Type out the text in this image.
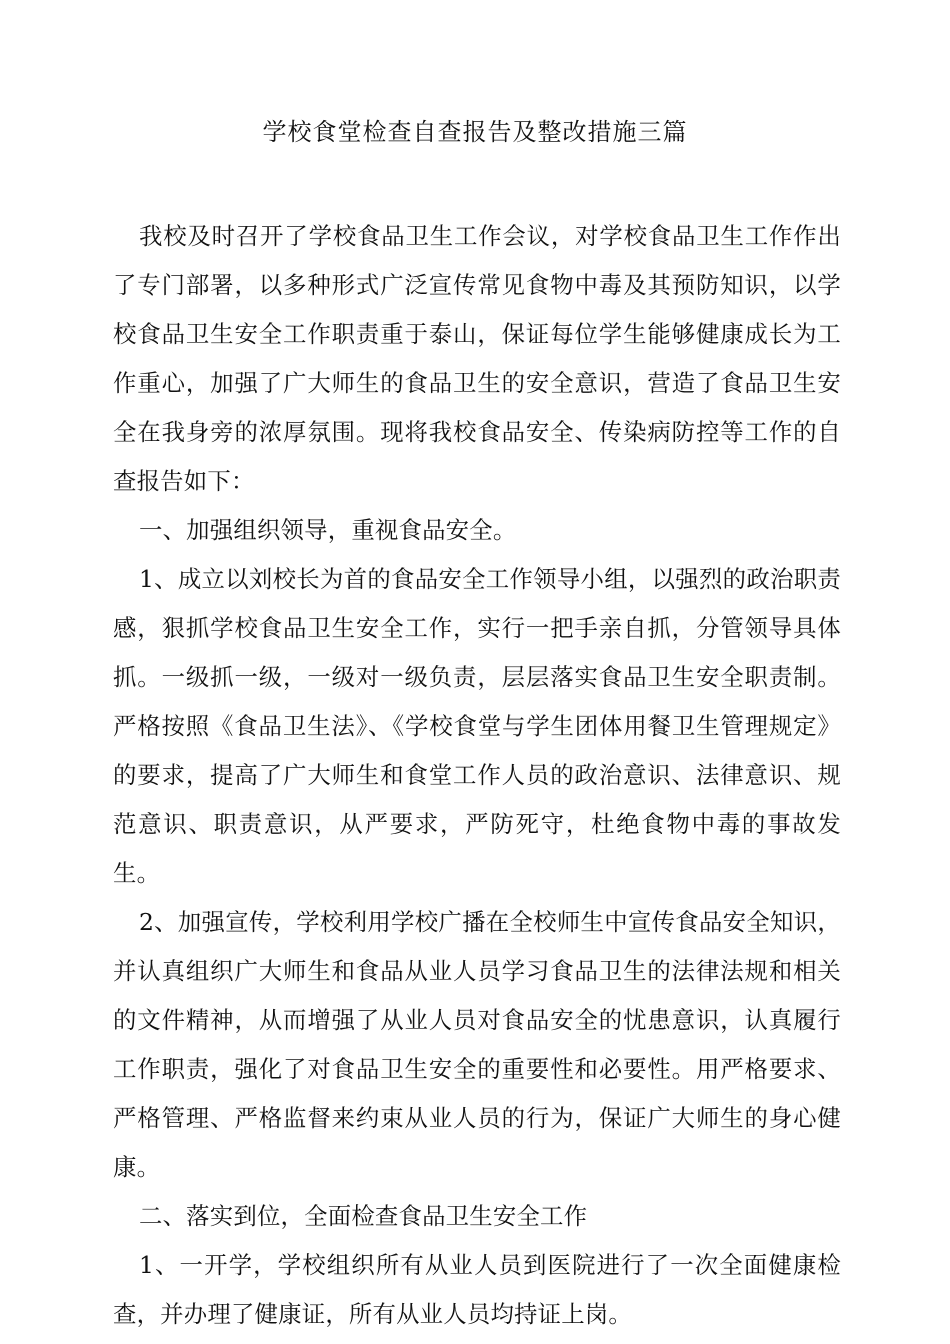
学校食堂检查自查报告及整改措施三篇

我校及时召开了学校食品卫生工作会议，对学校食品卫生工作作出了专门部署，以多种形式广泛宣传常见食物中毒及其预防知识，以学校食品卫生安全工作职责重于泰山，保证每位学生能够健康成长为工作重心，加强了广大师生的食品卫生的安全意识，营造了食品卫生安全在我身旁的浓厚氛围。现将我校食品安全、传染病防控等工作的自查报告如下：

一、加强组织领导，重视食品安全。

1、成立以刘校长为首的食品安全工作领导小组，以强烈的政治职责感，狠抓学校食品卫生安全工作，实行一把手亲自抓，分管领导具体抓。一级抓一级，一级对一级负责，层层落实食品卫生安全职责制。严格按照《食品卫生法》、《学校食堂与学生团体用餐卫生管理规定》的要求，提高了广大师生和食堂工作人员的政治意识、法律意识、规范意识、职责意识，从严要求，严防死守，杜绝食物中毒的事故发生。

2、加强宣传，学校利用学校广播在全校师生中宣传食品安全知识，并认真组织广大师生和食品从业人员学习食品卫生的法律法规和相关的文件精神，从而增强了从业人员对食品安全的忧患意识，认真履行工作职责，强化了对食品卫生安全的重要性和必要性。用严格要求、严格管理、严格监督来约束从业人员的行为，保证广大师生的身心健康。

二、落实到位，全面检查食品卫生安全工作

1、一开学，学校组织所有从业人员到医院进行了一次全面健康检查，并办理了健康证，所有从业人员均持证上岗。
